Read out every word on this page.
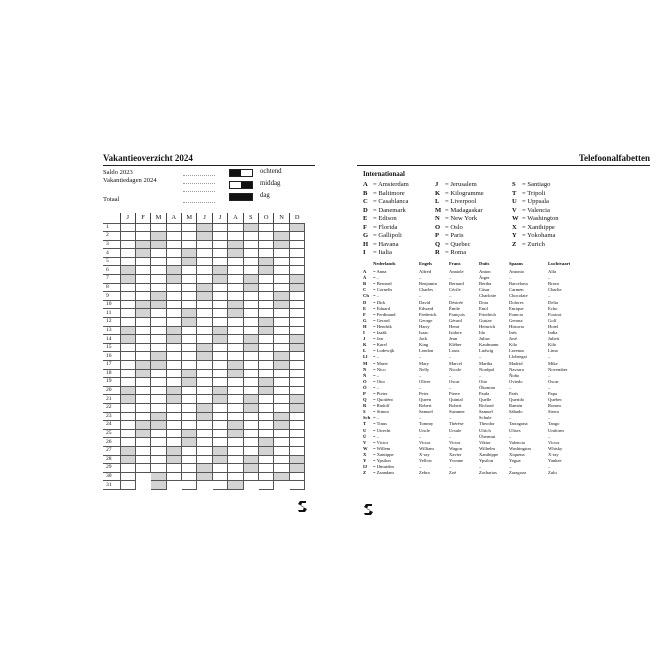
Vakantieoverzicht 2024
Saldo 2023
Vakantiedagen 2024
Totaal
ochtend
middag
dag
	J	F	M	A	M	J	J	A	S	O	N	D
1												
2												
3												
4												
5												
6												
7												
8												
9												
10												
11												
12												
13												
14												
15												
16												
17												
18												
19												
20												
21												
22												
23												
24												
25												
26												
27												
28												
29												
30												
31												
Telefoonalfabetten
Internationaal
A = Amsterdam
B = Baltimore
C = Casablanca
D = Danemark
E = Edison
F = Florida
G = Gallipoli
H = Havana
I = Italia
J = Jerusalem
K = Kilogramme
L = Liverpool
M = Madagaskar
N = New York
O = Oslo
P = Paris
Q = Quebec
R = Roma
S = Santiago
T = Tripoli
U = Uppsala
V = Valencia
W = Washington
X = Xanthippe
Y = Yokohama
Z = Zurich
	Nederlands	Engels	Frans	Duits	Spaans	Luchtvaart
A	= Anna	Alfred	Anatole	Anton	Antonio	Alfa
Ä	= –	–	–	Ärger	–	–
B	= Bernard	Benjamin	Bernard	Bertha	Barcelona	Bravo
C	= Cornelis	Charles	Cécile	Cäsar	Carmen	Charlie
Ch	= –	–	–	Charlotte	Chocolate	–
D	= Dirk	David	Désirée	Dora	Dolores	Delta
E	= Eduard	Edward	Émile	Emil	Enrique	Echo
F	= Ferdinand	Frederick	François	Friedrich	Francia	Foxtrot
G	= Gerard	George	Gérard	Gustav	Gerona	Golf
H	= Hendrik	Harry	Henri	Heinrich	Historia	Hotel
I	= Izaäk	Isaac	Isidore	Ida	Inés	India
J	= Jan	Jack	Jean	Julius	José	Juliett
K	= Karel	King	Kléber	Kaufmann	Kilo	Kilo
L	= Lodewijk	London	Louis	Ludwig	Lorenzo	Lima
Ll	= –	–	–	–	Llobregat	–
M	= Marie	Mary	Marcel	Martha	Madrid	Mike
N	= Nico	Nelly	Nicole	Nordpol	Navarra	November
Ñ	= –	–	–	–	Ñoño	–
O	= Otto	Oliver	Oscar	Otto	Oviedo	Oscar
Ö	= –	–	–	Ökonom	–	–
P	= Pieter	Peter	Pierre	Paula	París	Papa
Q	= Quotiënt	Queen	Quintal	Quelle	Querido	Quebec
R	= Rudolf	Robert	Robert	Richard	Ramón	Romeo
S	= Simon	Samuel	Suzanne	Samuel	Sábado	Sierra
Sch	= –	–	–	Schule	–	–
T	= Tinus	Tommy	Thérèse	Theodor	Tarragona	Tango
U	= Utrecht	Uncle	Ursule	Ulrich	Ulises	Uniform
Ü	= –	–	–	Übermut	–	–
V	= Victor	Victor	Victor	Viktor	Valencia	Victor
W	= Willem	William	Wagon	Wilhelm	Washington	Whisky
X	= Xantippe	X-ray	Xavier	Xanthippe	Xiquena	X-ray
Y	= Ypsilon	Yellow	Yvonne	Ypsilon	Yegua	Yankee
IJ	= IJmuiden	–	–	–	–	–
Z	= Zaandam	Zebra	Zoé	Zacharias	Zaragoza	Zulu
